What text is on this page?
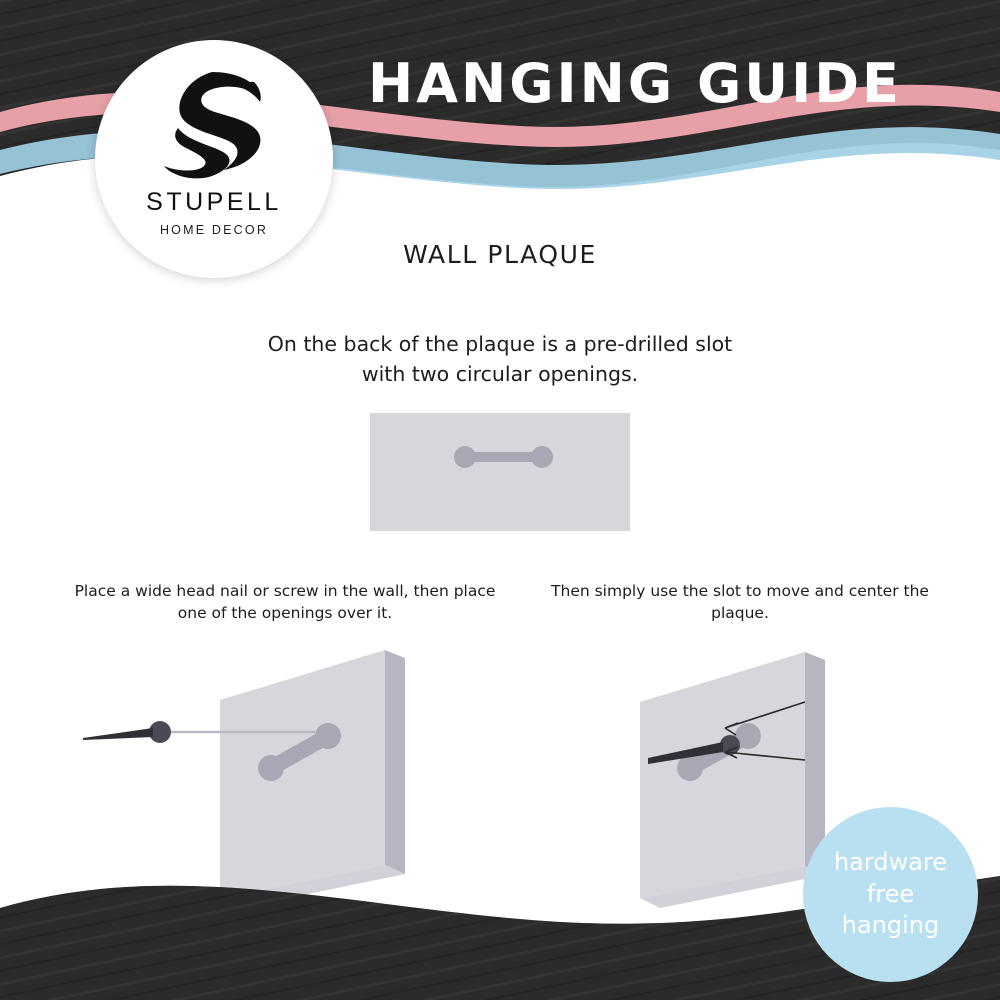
STUPELL
HOME DECOR
HANGING GUIDE
WALL PLAQUE
On the back of the plaque is a pre-drilled slot with two circular openings.
Place a wide head nail or screw in the wall, then place one of the openings over it.
Then simply use the slot to move and center the plaque.
hardware
free
hanging
